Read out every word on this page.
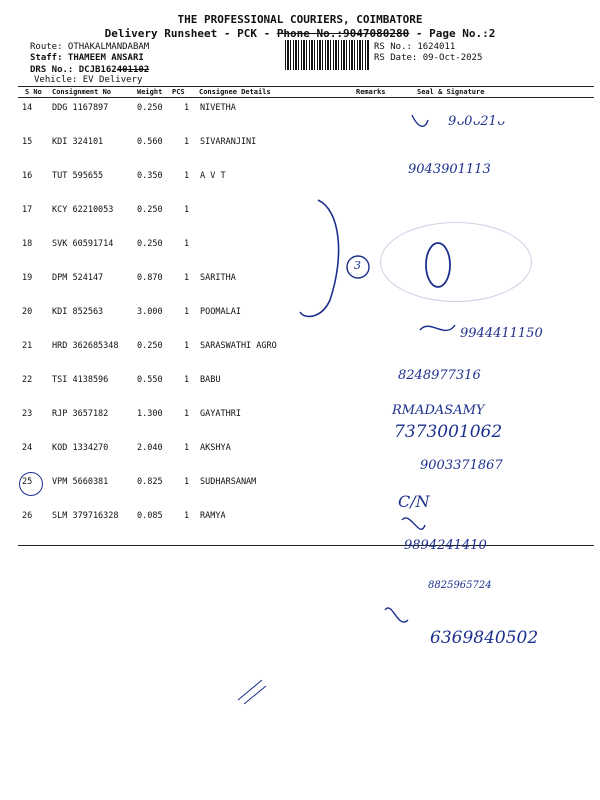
THE PROFESSIONAL COURIERS, COIMBATORE
Delivery Runsheet - PCK - Phone No.:9047080280 - Page No.:2
Route: OTHAKALMANDABAM
Staff: THAMEEM ANSARI
DRS No.: DCJB162401102
Vehicle: EV Delivery
RS No.: 1624011
RS Date: 09-Oct-2025
S No Consignment No	Weight PCS Consignee Details	Remarks	Seal & Signature
14 DDG 1167897	0.250	1 NIVETHA
15 KDI 324101	0.560	1 SIVARANJINI
16 TUT 595655	0.350	1 A V T
17 KCY 62210053	0.250	1
18 SVK 60591714	0.250	1
19 DPM 524147	0.870	1 SARITHA
20 KDI 852563	3.000	1 POOMALAI
21 HRD 362685348 0.250	1 SARASWATHI AGRO
22 TSI 4138596	0.550	1 BABU
23 RJP 3657182	1.300	1 GAYATHRI
24 KOD 1334270	2.040	1 AKSHYA
25 VPM 5660381	0.825	1 SUDHARSANAM
26 SLM 379716328 0.085	1 RAMYA
9ᴗ0ᴗ21ᴗ
9043901113
3
9944411150
8248977316
RMADASAMY
7373001062
9003371867
C/N
9894241410
8825965724
6369840502
